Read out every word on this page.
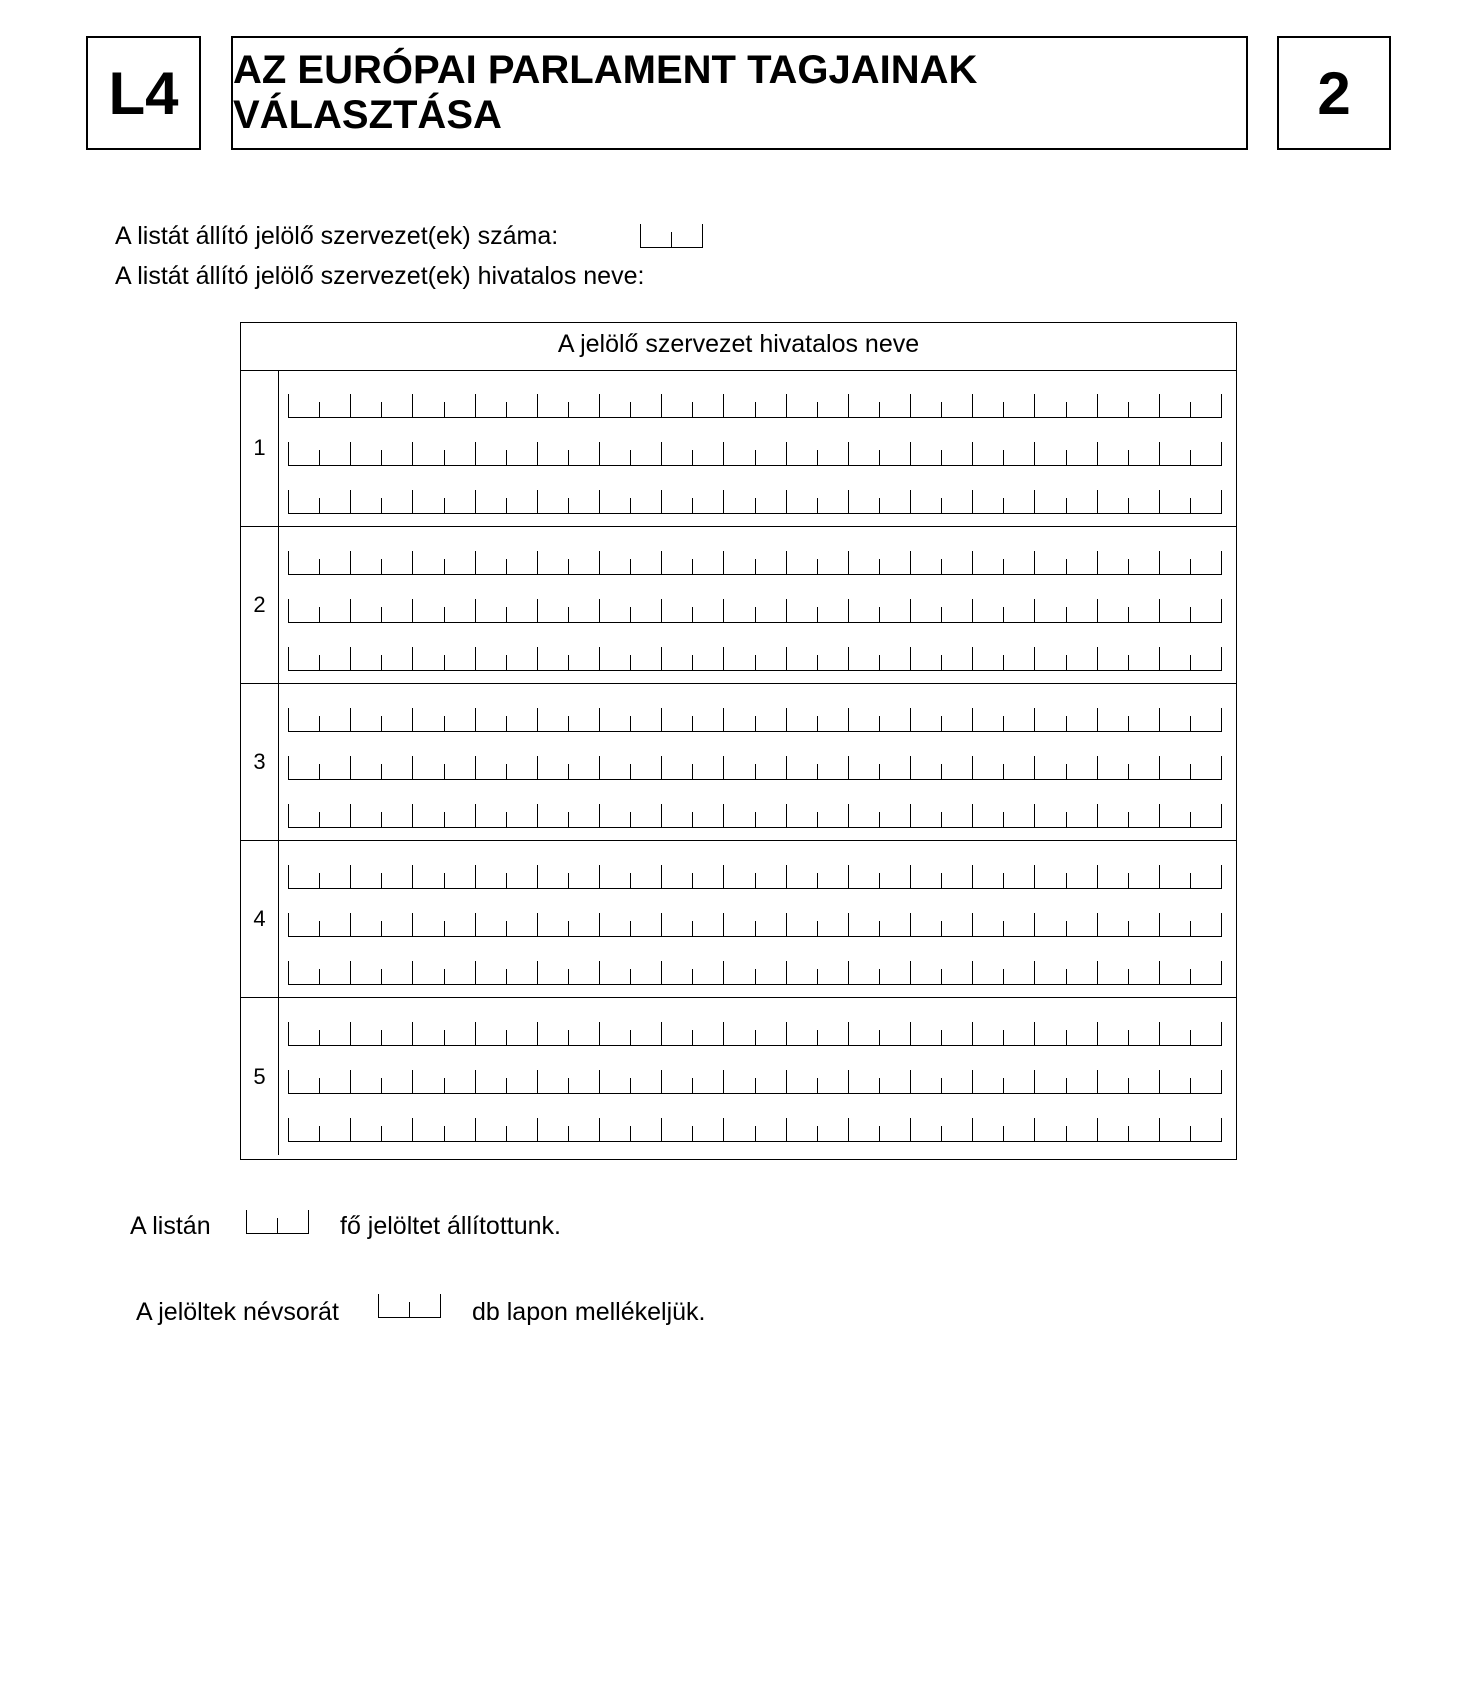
L4	AZ EURÓPAI PARLAMENT TAGJAINAK VÁLASZTÁSA	2
A listát állító jelölő szervezet(ek) száma:
A listát állító jelölő szervezet(ek) hivatalos neve:
A jelölő szervezet hivatalos neve
1
2
3
4
5
A listán	fő jelöltet állítottunk.
A jelöltek névsorát	db lapon mellékeljük.
